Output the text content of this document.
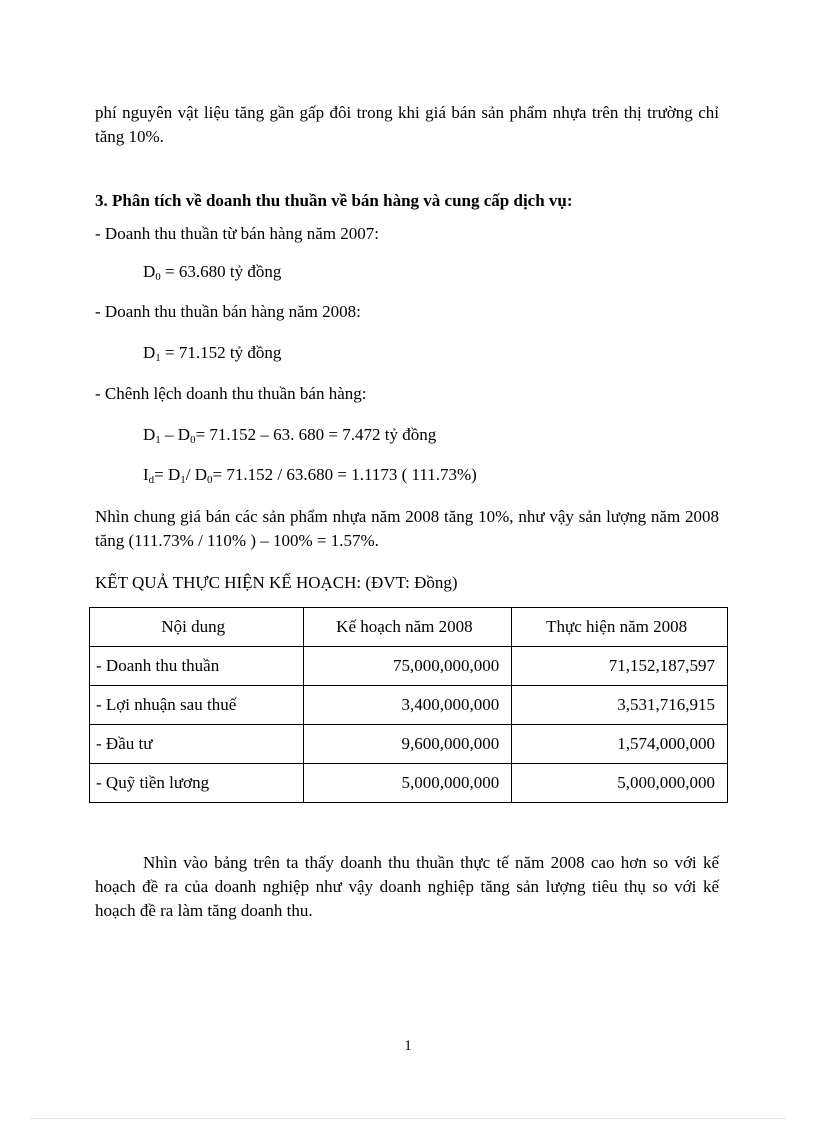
phí nguyên vật liệu tăng gần gấp đôi trong khi giá bán sản phẩm nhựa trên thị trường chỉ tăng 10%.
3. Phân tích về doanh thu thuần về bán hàng và cung cấp dịch vụ:
- Doanh thu thuần từ bán hàng năm 2007:
$D_0 = 63.680$ tỷ đồng
- Doanh thu thuần bán hàng năm 2008:
$D_1 = 71.152$ tỷ đồng
- Chênh lệch doanh thu thuần bán hàng:
$D_1 - D_0= 71.152 - 63$. 680 = 7.472 tỷ đồng
$I_d= D_1/$ $D_0= 71.152 / 63.680 = 1.1173$ ( 111.73%)
Nhìn chung giá bán các sản phẩm nhựa năm 2008 tăng 10%, như vậy sản lượng năm 2008 tăng (111.73% / 110% ) – 100% = 1.57%.
KẾT QUẢ THỰC HIỆN KẾ HOẠCH: (ĐVT: Đồng)
Nội dung	Kế hoạch năm 2008	Thực hiện năm 2008
- Doanh thu thuần	75,000,000,000	71,152,187,597
- Lợi nhuận sau thuế	3,400,000,000	3,531,716,915
- Đầu tư	9,600,000,000	1,574,000,000
- Quỹ tiền lương	5,000,000,000	5,000,000,000
Nhìn vào bảng trên ta thấy doanh thu thuần thực tế năm 2008 cao hơn so với kế hoạch đề ra của doanh nghiệp như vậy doanh nghiệp tăng sản lượng tiêu thụ so với kế hoạch đề ra làm tăng doanh thu.
1
